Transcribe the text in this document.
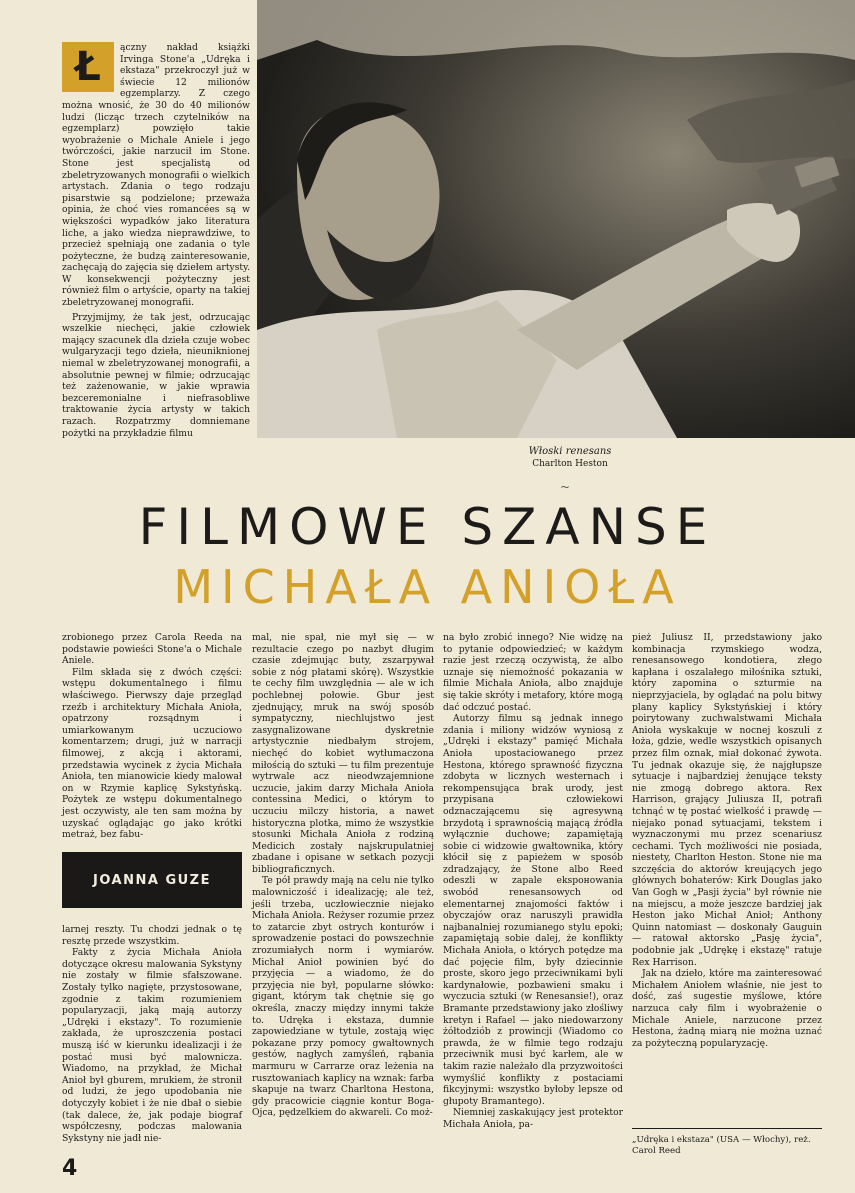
Ł	ączny nakład książki Irvinga Stone'a „Udręka i ekstaza" przekroczył już w świecie 12 milionów egzemplarzy. Z czego można wnosić, że 30 do 40 milionów ludzi (licząc trzech czytelników na egzemplarz) powzięło takie wyobrażenie o Michale Aniele i jego twórczości, jakie narzucił im Stone. Stone jest specjalistą od zbeletryzowanych monografii o wielkich artystach. Zdania o tego rodzaju pisarstwie są podzielone; przeważa opinia, że choć vies romancées są w większości wypadków jako literatura liche, a jako wiedza nieprawdziwe, to przecież spełniają one zadania o tyle pożyteczne, że budzą zainteresowanie, zachęcają do zajęcia się dziełem artysty. W konsekwencji pożyteczny jest również film o artyście, oparty na takiej zbeletryzowanej monografii.

Przyjmijmy, że tak jest, odrzucając wszelkie niechęci, jakie człowiek mający szacunek dla dzieła czuje wobec wulgaryzacji tego dzieła, nieuniknionej niemal w zbeletryzowanej monografii, a absolutnie pewnej w filmie; odrzucając też zażenowanie, w jakie wprawia bezceremonialne i niefrasobliwe traktowanie życia artysty w takich razach. Rozpatrzmy domniemane pożytki na przykładzie filmu

Włoski renesans
Charlton Heston
~
FILMOWE SZANSE
MICHAŁA ANIOŁA

zrobionego przez Carola Reeda na podstawie powieści Stone'a o Michale Aniele.

Film składa się z dwóch części: wstępu dokumentalnego i filmu właściwego. Pierwszy daje przegląd rzeźb i architektury Michała Anioła, opatrzony rozsądnym i umiarkowanym uczuciowo komentarzem; drugi, już w narracji filmowej, z akcją i aktorami, przedstawia wycinek z życia Michała Anioła, ten mianowicie kiedy malował on w Rzymie kaplicę Sykstyńską. Pożytek ze wstępu dokumentalnego jest oczywisty, ale ten sam można by uzyskać oglądając go jako krótki metraż, bez fabu-

JOANNA GUZE

larnej reszty. Tu chodzi jednak o tę resztę przede wszystkim.

Fakty z życia Michała Anioła dotyczące okresu malowania Sykstyny nie zostały w filmie sfałszowane. Zostały tylko nagięte, przystosowane, zgodnie z takim rozumieniem popularyzacji, jaką mają autorzy „Udręki i ekstazy". To rozumienie zakłada, że uproszczenia postaci muszą iść w kierunku idealizacji i że postać musi być malownicza. Wiadomo, na przykład, że Michał Anioł był gburem, mrukiem, że stronił od ludzi, że jego upodobania nie dotyczyły kobiet i że nie dbał o siebie (tak dalece, że, jak podaje biograf współczesny, podczas malowania Sykstyny nie jadł nie-

mal, nie spał, nie mył się — w rezultacie czego po nazbyt długim czasie zdejmując buty, zszarpywał sobie z nóg płatami skórę). Wszystkie te cechy film uwzględnia — ale w ich pochlebnej połowie. Gbur jest zjednujący, mruk na swój sposób sympatyczny, niechlujstwo jest zasygnalizowane dyskretnie artystycznie niedbałym strojem, niechęć do kobiet wytłumaczona miłością do sztuki — tu film prezentuje wytrwale acz nieodwzajemnione uczucie, jakim darzy Michała Anioła contessina Medici, o którym to uczuciu milczy historia, a nawet historyczna plotka, mimo że wszystkie stosunki Michała Anioła z rodziną Medicich zostały najskrupulatniej zbadane i opisane w setkach pozycji bibliograficznych.

Te pół prawdy mają na celu nie tylko malowniczość i idealizację; ale też, jeśli trzeba, uczłowiecznie niejako Michała Anioła. Reżyser rozumie przez to zatarcie zbyt ostrych konturów i sprowadzenie postaci do powszechnie zrozumiałych norm i wymiarów. Michał Anioł powinien być do przyjęcia — a wiadomo, że do przyjęcia nie był, popularne słówko: gigant, którym tak chętnie się go określa, znaczy między innymi także to. Udręka i ekstaza, dumnie zapowiedziane w tytule, zostają więc pokazane przy pomocy gwałtownych gestów, nagłych zamyśleń, rąbania marmuru w Carrarze oraz leżenia na rusztowaniach kaplicy na wznak: farba skapuje na twarz Charltona Hestona, gdy pracowicie ciągnie kontur Boga-Ojca, pędzelkiem do akwareli. Co moż-

na było zrobić innego? Nie widzę na to pytanie odpowiedzieć; w każdym razie jest rzeczą oczywistą, że albo uznaje się niemożność pokazania w filmie Michała Anioła, albo znajduje się takie skróty i metafory, które mogą dać odczuć postać.

Autorzy filmu są jednak innego zdania i miliony widzów wyniosą z „Udręki i ekstazy" pamięć Michała Anioła upostaciowanego przez Hestona, którego sprawność fizyczna zdobyta w licznych westernach i rekompensująca brak urody, jest przypisana człowiekowi odznaczającemu się agresywną brzydotą i sprawnością mającą źródła wyłącznie duchowe; zapamiętają sobie ci widzowie gwałtownika, który kłócił się z papieżem w sposób zdradzający, że Stone albo Reed odeszli w zapale ekspонowania swobód renesansowych od elementarnej znajomości faktów i obyczajów oraz naruszyli prawidła najbanalniej rozumianego stylu epoki; zapamiętają sobie dalej, że konflikty Michała Anioła, o których potędze ma dać pojęcie film, były dziecinnie proste, skoro jego przeciwnikami byli kardynałowie, pozbawieni smaku i wyczucia sztuki (w Renesansie!), oraz Bramante przedstawiony jako złośliwy kretyn i Rafael — jako niedowarzony żółtodziób z prowincji (Wiadomo co prawda, że w filmie tego rodzaju przeciwnik musi być karłem, ale w takim razie należało dla przyzwoitości wymyślić konflikty z postaciami fikcyjnymi: wszystko byłoby lepsze od głupoty Bramantego).

Niemniej zaskakujący jest protektor Michała Anioła, pa-

pież Juliusz II, przedstawiony jako kombinacja rzymskiego wodza, renesansowego kondotiera, złego kapłana i oszalałego miłośnika sztuki, który zapomina o szturmie na nieprzyjaciela, by oglądać na polu bitwy plany kaplicy Sykstyńskiej i który poirytowany zuchwalstwami Michała Anioła wyskakuje w nocnej koszuli z łoża, gdzie, wedle wszystkich opisanych przez film oznak, miał dokonać żywota. Tu jednak okazuje się, że najgłupsze sytuacje i najbardziej żenujące teksty nie zmogą dobrego aktora. Rex Harrison, grający Juliusza II, potrafi tchnąć w tę postać wielkość i prawdę — niejako ponad sytuacjami, tekstem i wyznaczonymi mu przez scenariusz cechami. Tych możliwości nie posiada, niestety, Charlton Heston. Stone nie ma szczęścia do aktorów kreujących jego głównych bohaterów: Kirk Douglas jako Van Gogh w „Pasji życia" był równie nie na miejscu, a może jeszcze bardziej jak Heston jako Michał Anioł; Anthony Quinn natomiast — doskonały Gauguin — ratował aktorsko „Pasję życia", podobnie jak „Udrękę i ekstazę" ratuje Rex Harrison.

Jak na dzieło, które ma zainteresować Michałem Aniołem właśnie, nie jest to dość, zaś sugestie myślowe, które narzuca cały film i wyobrażenie o Michale Aniele, narzucone przez Hestona, żadną miarą nie można uznać za pożyteczną popularyzację.

„Udręka i ekstaza" (USA — Włochy), reż. Carol Reed
4
